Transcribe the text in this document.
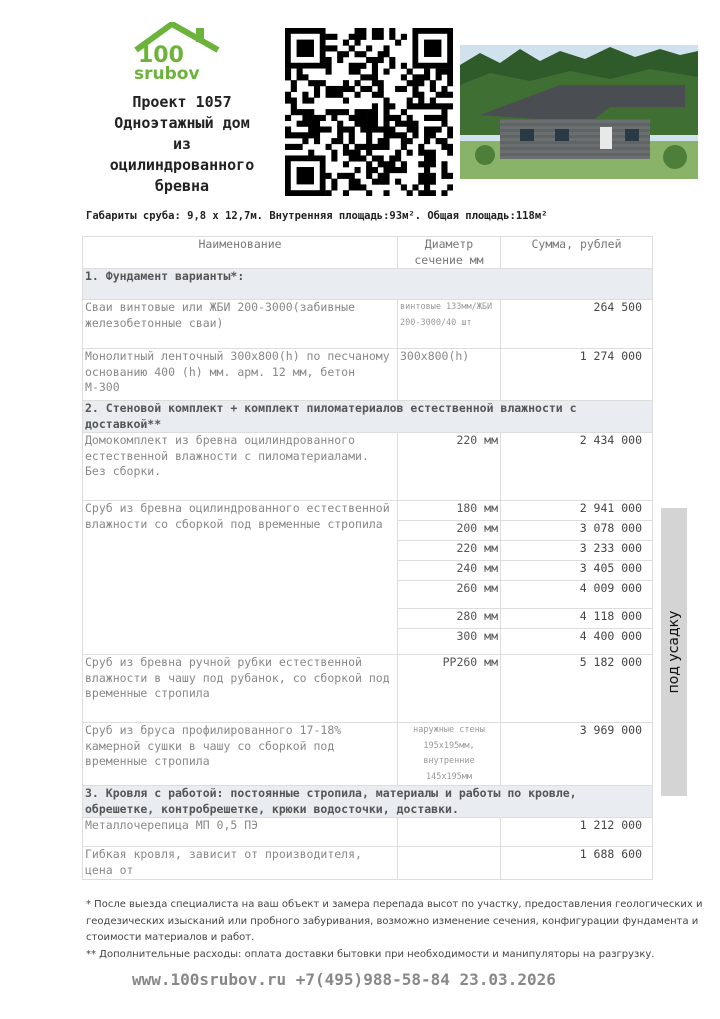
100
srubov
Проект 1057
Одноэтажный дом
из
оцилиндрованного
бревна
Габариты сруба: 9,8 х 12,7м. Внутренняя площадь:93м². Общая площадь:118м²
Наименование	Диаметр сечение мм	Сумма, рублей
1. Фундамент варианты*:		
Сваи винтовые или ЖБИ 200-3000(забивные железобетонные сваи)	винтовые 133мм/ЖБИ 200-3000/40 шт	264 500
Монолитный ленточный 300х800(h) по песчаному основанию 400 (h) мм. арм. 12 мм, бетон М-300	300х800(h)	1 274 000
2. Стеновой комплект + комплект пиломатериалов естественной влажности с доставкой**		
Домокомплект из бревна оцилиндрованного естественной влажности с пиломатериалами. Без сборки.	220 мм	2 434 000
Сруб из бревна оцилиндрованного естественной влажности со сборкой под временные стропила	180 мм	2 941 000
	200 мм	3 078 000
	220 мм	3 233 000
	240 мм	3 405 000
	260 мм	4 009 000
	280 мм	4 118 000
	300 мм	4 400 000
Сруб из бревна ручной рубки естественной влажности в чашу под рубанок, со сборкой под временные стропила	РР260 мм	5 182 000
Сруб из бруса профилированного 17-18% камерной сушки в чашу со сборкой под временные стропила	наружные стены 195х195мм, внутренние 145х195мм	3 969 000
3. Кровля с работой: постоянные стропила, материалы и работы по кровле, обрешетке, контробрешетке, крюки водосточки, доставки.		
Металлочерепица МП 0,5 ПЭ		1 212 000
Гибкая кровля, зависит от производителя, цена от		1 688 600
под усадку
* После выезда специалиста на ваш объект и замера перепада высот по участку, предоставления геологических и геодезических изысканий или пробного забуривания, возможно изменение сечения, конфигурации фундамента и стоимости материалов и работ.
** Дополнительные расходы: оплата доставки бытовки при необходимости и манипуляторы на разгрузку.
www.100srubov.ru +7(495)988-58-84 23.03.2026
